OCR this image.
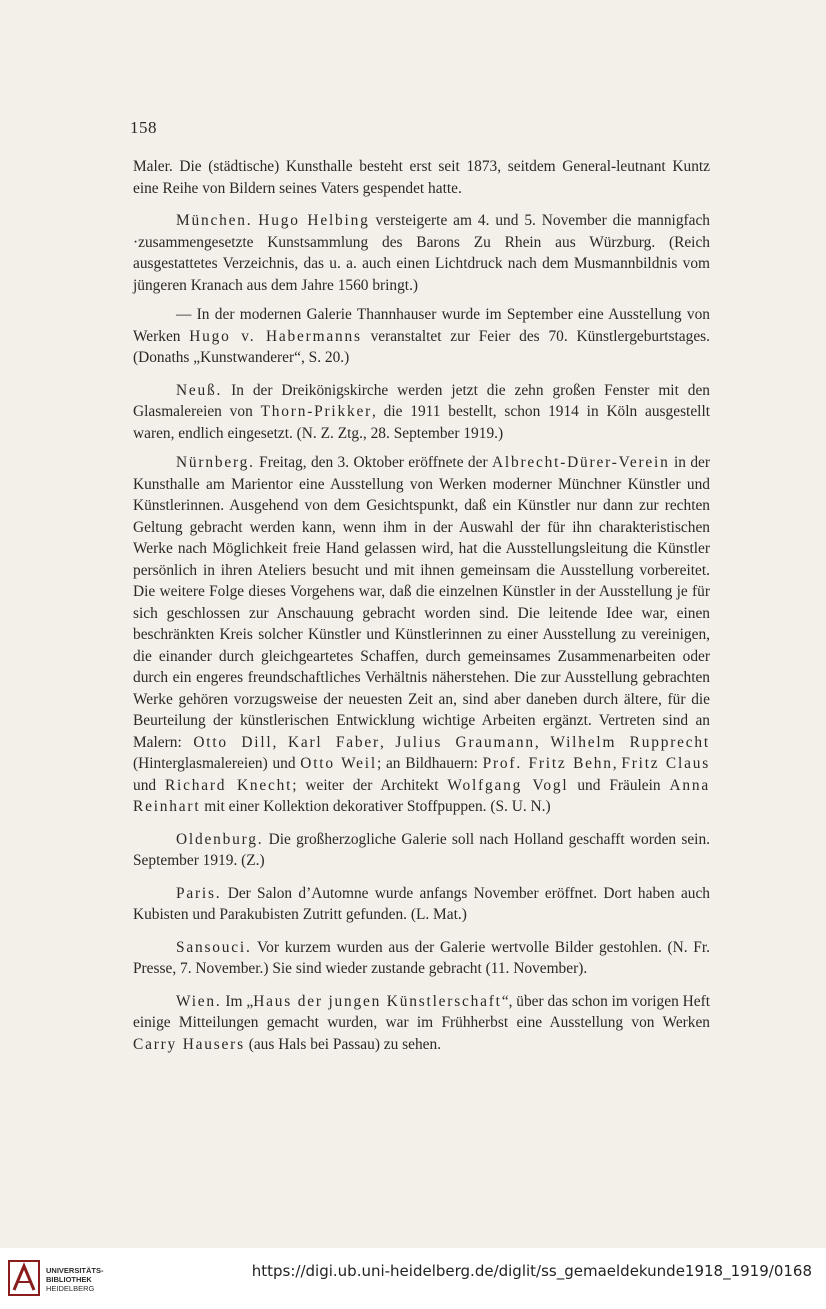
158

Maler. Die (städtische) Kunsthalle besteht erst seit 1873, seitdem General-leutnant Kuntz eine Reihe von Bildern seines Vaters gespendet hatte.

München. Hugo Helbing versteigerte am 4. und 5. November die mannigfach ·zusammengesetzte Kunstsammlung des Barons Zu Rhein aus Würzburg. (Reich ausgestattetes Verzeichnis, das u. a. auch einen Lichtdruck nach dem Musmannbildnis vom jüngeren Kranach aus dem Jahre 1560 bringt.)

— In der modernen Galerie Thannhauser wurde im September eine Ausstellung von Werken Hugo v. Habermanns veranstaltet zur Feier des 70. Künstlergeburtstages. (Donaths „Kunstwanderer“, S. 20.)

Neuß. In der Dreikönigskirche werden jetzt die zehn großen Fenster mit den Glasmalereien von Thorn-Prikker, die 1911 bestellt, schon 1914 in Köln ausgestellt waren, endlich eingesetzt. (N. Z. Ztg., 28. September 1919.)

Nürnberg. Freitag, den 3. Oktober eröffnete der Albrecht-Dürer-Verein in der Kunsthalle am Marientor eine Ausstellung von Werken moderner Münchner Künstler und Künstlerinnen. Ausgehend von dem Gesichtspunkt, daß ein Künstler nur dann zur rechten Geltung gebracht werden kann, wenn ihm in der Auswahl der für ihn charakteristischen Werke nach Möglichkeit freie Hand gelassen wird, hat die Ausstellungsleitung die Künstler persönlich in ihren Ateliers besucht und mit ihnen gemeinsam die Ausstellung vorbereitet. Die weitere Folge dieses Vorgehens war, daß die einzelnen Künstler in der Ausstellung je für sich geschlossen zur Anschauung gebracht worden sind. Die leitende Idee war, einen beschränkten Kreis solcher Künstler und Künstlerinnen zu einer Ausstellung zu vereinigen, die einander durch gleichgeartetes Schaffen, durch gemeinsames Zusammenarbeiten oder durch ein engeres freundschaftliches Verhältnis näherstehen. Die zur Ausstellung gebrachten Werke gehören vorzugsweise der neuesten Zeit an, sind aber daneben durch ältere, für die Beurteilung der künstlerischen Entwicklung wichtige Arbeiten ergänzt. Vertreten sind an Malern: Otto Dill, Karl Faber, Julius Graumann, Wilhelm Rupprecht (Hinterglasmalereien) und Otto Weil; an Bildhauern: Prof. Fritz Behn, Fritz Claus und Richard Knecht; weiter der Architekt Wolfgang Vogl und Fräulein Anna Reinhart mit einer Kollektion dekorativer Stoffpuppen. (S. U. N.)

Oldenburg. Die großherzogliche Galerie soll nach Holland geschafft worden sein. September 1919. (Z.)

Paris. Der Salon d’Automne wurde anfangs November eröffnet. Dort haben auch Kubisten und Parakubisten Zutritt gefunden. (L. Mat.)

Sansouci. Vor kurzem wurden aus der Galerie wertvolle Bilder gestohlen. (N. Fr. Presse, 7. November.) Sie sind wieder zustande gebracht (11. November).

Wien. Im „Haus der jungen Künstlerschaft“, über das schon im vorigen Heft einige Mitteilungen gemacht wurden, war im Frühherbst eine Ausstellung von Werken Carry Hausers (aus Hals bei Passau) zu sehen.

UNIVERSITÄTS-
BIBLIOTHEK
HEIDELBERG
https://digi.ub.uni-heidelberg.de/diglit/ss_gemaeldekunde1918_1919/0168
